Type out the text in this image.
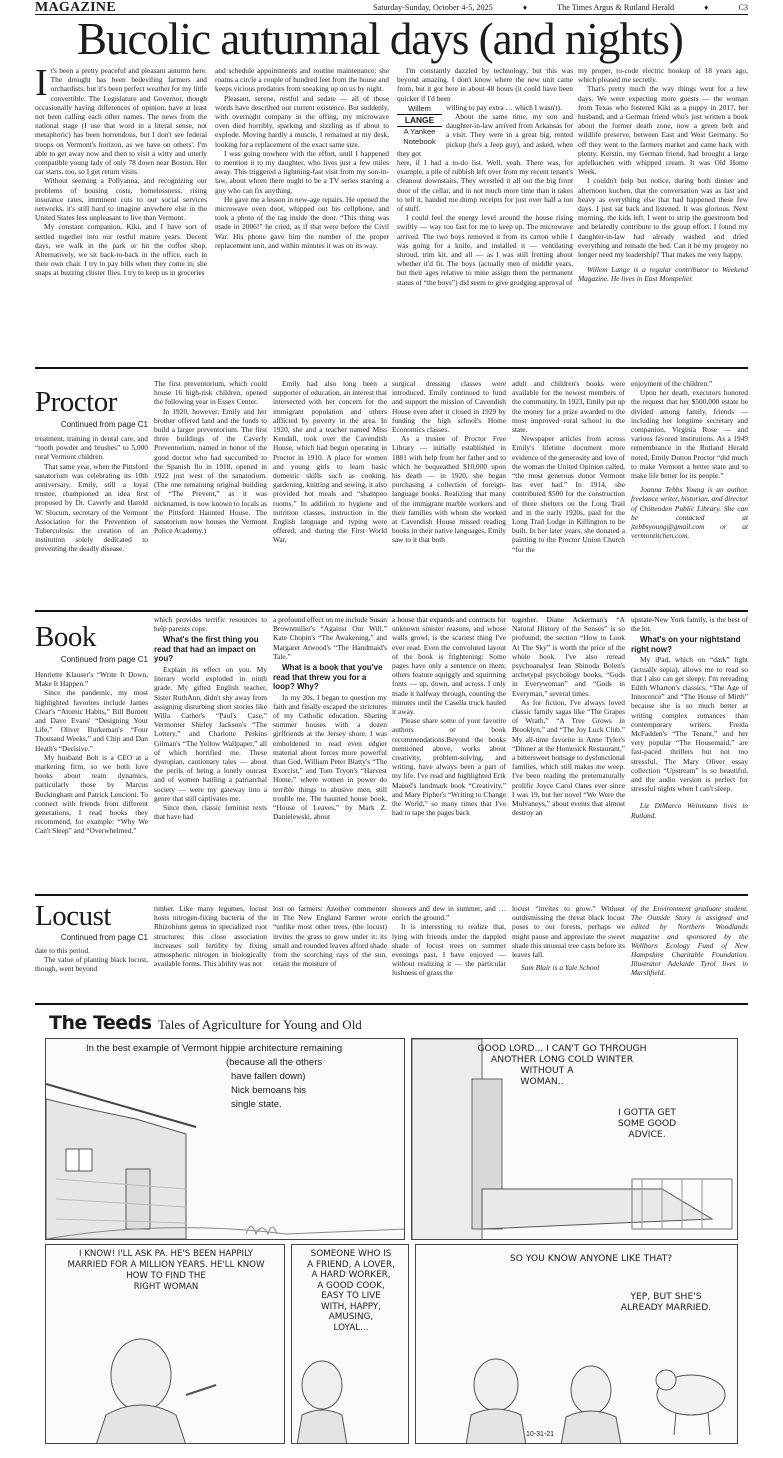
MAGAZINE	Saturday-Sunday, October 4-5, 2025	♦	The Times Argus & Rutland Herald	♦	C3
Bucolic autumnal days (and nights)
I t's been a pretty peaceful and pleasant autumn here. The drought has been bedeviling farmers and orchardists, but it's been perfect weather for my little convertible. The Legislature and Governor, though occasionally having differences of opinion, have at least not been calling each other names. The news from the national stage (I use that word in a literal sense, not metaphoric) has been horrendous, but I don't see federal troops on Vermont's horizon, as we have on others'. I'm able to get away now and then to visit a witty and utterly compatible young lady of only 78 down near Boston. Her car starts, too, so I get return visits.

Without seeming a Pollyanna, and recognizing our problems of housing costs, homelessness, rising insurance rates, imminent cuts to our social services networks, it's still hard to imagine anywhere else in the United States less unpleasant to live than Vermont.

My constant companion, Kiki, and I have sort of settled together into our restful mature years. Decent days, we walk in the park or hit the coffee shop. Alternatively, we sit back-to-back in the office, each in their own chair. I try to pay bills when they come in; she snaps at buzzing cluster flies. I try to keep us in groceries

and schedule appointments and routine maintenance; she roams a circle a couple of hundred feet from the house and keeps vicious predators from sneaking up on us by night.

Pleasant, serene, restful and sedate — all of those words have described our current existence. But suddenly, with overnight company in the offing, my microwave oven died horribly, sparking and sizzling as if about to explode. Moving hardly a muscle, I remained at my desk, looking for a replacement of the exact same size.

I was going nowhere with the effort, until I happened to mention it to my daughter, who lives just a few miles away. This triggered a lightning-fast visit from my son-in-law, about whom there ought to be a TV series starring a guy who can fix anything.

He gave me a lesson in new-age repairs. He opened the microwave oven door, whipped out his cellphone, and took a photo of the tag inside the door. “This thing was made in 2006!” he cried, as if that were before the Civil War. His phone gave him the number of the proper replacement unit, and within minutes it was on its way.

I'm constantly dazzled by technology, but this was beyond amazing. I don't know where the new unit came from, but it got here in about 48 hours (it could have been quicker if I'd been

Willem
LANGE
A Yankee
Notebook

willing to pay extra … which I wasn't).

About the same time, my son and daughter-in-law arrived from Arkansas for a visit. They were in a great big, rented pickup (he's a Jeep guy), and asked, when they got

here, if I had a to-do list. Well, yeah. There was, for example, a pile of rubbish left over from my recent tenant's cleanout downstairs. They wrestled it all out the big front door of the cellar, and in not much more time than it takes to tell it, handed me dump receipts for just over half a ton of stuff.

I could feel the energy level around the house rising swiftly — way too fast for me to keep up. The microwave arrived. The two boys removed it from its carton while I was going for a knife, and installed it — ventilating shroud, trim kit, and all — as I was still fretting about whether it'd fit. The boys (actually men of middle years, but their ages relative to mine assign them the permanent status of “the boys”) did seem to give grudging approval of

my proper, to-code electric hookup of 18 years ago, which pleased me secretly.

That's pretty much the way things went for a few days. We were expecting more guests — the woman from Texas who fostered Kiki as a puppy in 2017, her husband, and a German friend who's just written a book about the former death zone, now a green belt and wildlife preserve, between East and West Germany. So off they went to the farmers market and came back with plenty. Kerstin, my German friend, had brought a large apfelkuchen with whipped cream. It was Old Home Week.

I couldn't help but notice, during both dinner and afternoon kuchen, that the conversation was as fast and heavy as everything else that had happened these few days. I just sat back and listened. It was glorious. Next morning, the kids left. I went to strip the guestroom bed and belatedly contribute to the group effort. I found my daughter-in-law had already washed and dried everything and remade the bed. Can it be my progeny no longer need my leadership? That makes me very happy.

Willem Lange is a regular contributor to Weekend Magazine. He lives in East Montpelier.

Proctor
Continued from page C1

treatment, training in dental care, and “tooth powder and brushes” to 5,000 rural Vermont children.

That same year, when the Pittsford sanatorium was celebrating its 10th anniversary, Emily, still a loyal trustee, championed an idea first proposed by Dr. Caverly and Harold W. Slocum, secretary of the Vermont Association for the Prevention of Tuberculosis: the creation of an institution solely dedicated to preventing the deadly disease.

The first preventorium, which could house 16 high-risk children, opened the following year in Essex Center.

In 1920, however, Emily and her brother offered land and the funds to build a larger preventorium. The first three buildings of the Caverly Preventorium, named in honor of the good doctor who had succumbed to the Spanish flu in 1918, opened in 1922 just west of the sanatorium. (The one remaining original building of “The Prevent,” as it was nicknamed, is now known to locals as the Pittsford Haunted House. The sanatorium now houses the Vermont Police Academy.)

Emily had also long been a supporter of education, an interest that intersected with her concern for the immigrant population and others afflicted by poverty in the area. In 1920, she and a teacher named Miss Kendall, took over the Cavendish House, which had begun operating in Proctor in 1910. A place for women and young girls to learn basic domestic skills such as cooking, gardening, knitting and sewing, it also provided hot meals and “shampoo rooms.” In addition to hygiene and nutrition classes, instruction in the English language and typing were offered, and during the First World War,

surgical dressing classes were introduced. Emily continued to fund and support the mission of Cavendish House even after it closed in 1929 by funding the high school's Home Economics classes.

As a trustee of Proctor Free Library — initially established in 1881 with help from her father and to which he bequeathed $10,000 upon his death — in 1920, she began purchasing a collection of foreign-language books. Realizing that many of the immigrant marble workers and their families with whom she worked at Cavendish House missed reading books in their native languages, Emily saw to it that both

adult and children's books were available for the newest members of the community. In 1923, Emily put up the money for a prize awarded to the most improved rural school in the state.

Newspaper articles from across Emily's lifetime document more evidence of the generosity and love of the woman the United Opinion called, “the most generous donor Vermont has ever had.” In 1914, she contributed $500 for the construction of three shelters on the Long Trail and in the early 1920s, paid for the Long Trail Lodge in Killington to be built. In her later years, she donated a painting to the Proctor Union Church “for the

enjoyment of the children.”

Upon her death, executors honored the request that her $500,000 estate be divided among family, friends — including her longtime secretary and companion, Virginia Rose — and various favored institutions. As a 1949 remembrance in the Rutland Herald noted, Emily Dutton Proctor “did much to make Vermont a better state and to make life better for its people.”

Joanna Tebbs Young is an author, freelance writer, historian, and director of Chittenden Public Library. She can be contacted at jtebbsyoung@gmail.com or at vermontitchen.com.

Book
Continued from page C1

Henriette Klauser's “Write It Down, Make It Happen.”

Since the pandemic, my most highlighted favorites include James Clear's “Atomic Habits,” Bill Burnett and Dave Evans' “Designing Your Life,” Oliver Burkeman's “Four Thousand Weeks,” and Chip and Dan Heath's “Decisive.”

My husband Bob is a CEO at a marketing firm, so we both love books about team dynamics, particularly those by Marcus Buckingham and Patrick Lencioni. To connect with friends from different generations, I read books they recommend, for example: “Why We Can't Sleep” and “Overwhelmed,”

which provides terrific resources to help parents cope.

What's the first thing you read that had an impact on you?

Explain its effect on you. My literary world exploded in ninth grade. My gifted English teacher, Sister RuthAnn, didn't shy away from assigning disturbing short stories like Willa Cather's “Paul's Case,” Vermonter Shirley Jackson's “The Lottery,” and Charlotte Perkins Gilman's “The Yellow Wallpaper,” all of which horrified me. These dystopian, cautionary tales — about the perils of being a lonely outcast and of women battling a patriarchal society — were my gateway into a genre that still captivates me.

Since then, classic feminist texts that have had

a profound effect on me include Susan Brownmiller's “Against Our Will,” Kate Chopin's “The Awakening,” and Margaret Atwood's “The Handmaid's Tale.”

What is a book that you've read that threw you for a loop? Why?

In my 20s, I began to question my faith and finally escaped the strictures of my Catholic education. Sharing summer houses with a dozen girlfriends at the Jersey shore, I was emboldened to read even edgier material about forces more powerful than God. William Peter Blatty's “The Exorcist,” and Tom Tryon's “Harvest Home,” where women in power do terrible things to abusive men, still trouble me. The haunted house book, “House of Leaves,” by Mark Z. Danielewski, about

a house that expands and contracts for unknown sinister reasons, and whose walls growl, is the scariest thing I've ever read. Even the convoluted layout of the book is frightening: Some pages have only a sentence on them; others feature squiggly and squirming fonts — up, down, and across. I only made it halfway through, counting the minutes until the Casella truck hauled it away.

Please share some of your favorite authors or book recommendations.Beyond the books mentioned above, works about creativity, problem-solving, and writing, have always been a part of my life. I've read and highlighted Erik Maisel's landmark book “Creativity,” and Mary Pipher's “Writing to Change the World,” so many times that I've had to tape the pages back

together. Diane Ackerman's “A Natural History of the Senses” is so profound; the section “How to Look At The Sky” is worth the price of the whole book. I've also reread psychoanalyst Jean Shinoda Bolen's archetypal psychology books, “Gods in Everywoman” and “Gods in Everyman,” several times.

As for fiction, I've always loved classic family sagas like “The Grapes of Wrath,” “A Tree Grows in Brooklyn,” and “The Joy Luck Club.” My all-time favorite is Anne Tyler's “Dinner at the Homesick Restaurant,” a bittersweet homage to dysfunctional families, which still makes me weep. I've been reading the preternaturally prolific Joyce Carol Oates ever since I was 19, but her novel “We Were the Mulvaneys,” about events that almost destroy an

upstate-New York family, is the best of the lot.

What's on your nightstand right now?

My iPad, which on “dark” light (actually sepia), allows me to read so that I also can get sleepy. I'm rereading Edith Wharton's classics, “The Age of Innocence” and “The House of Mirth” because she is so much better at writing complex romances than contemporary writers. Freida McFadden's “The Tenant,” and her very popular “The Housemaid,” are fast-paced thrillers but not too stressful. The Mary Oliver essay collection “Upstream” is so beautiful, and the audio version is perfect for stressful nights when I can't sleep.

Liz DiMarco Weinmann lives in Rutland.

Locust
Continued from page C1

date to this period.

The value of planting black locust, though, went beyond

timber. Like many legumes, locust hosts nitrogen-fixing bacteria of the Rhizobium genus in specialized root structures; this close association increases soil fertility by fixing atmospheric nitrogen in biologically available forms. This ability was not

lost on farmers: Another commenter in The New England Farmer wrote “unlike most other trees, (the locust) invites the grass to grow under it: its small and rounded leaves afford shade from the scorching rays of the sun, retain the moisture of

showers and dew in summer, and … enrich the ground.”

It is interesting to realize that, lying with friends under the dappled shade of locust trees on summer evenings past, I have enjoyed — without realizing it — the particular lushness of grass the

locust “invites to grow.” Without outdismissing the threat black locust poses to our forests, perhaps we might pause and appreciate the sweet shade this unusual tree casts before its leaves fall.

Sam Blair is a Yale School

of the Environment graduate student. The Outside Story is assigned and edited by Northern Woodlands magazine and sponsored by the Wellborn Ecology Fund of New Hampshire Charitable Foundation. Illustrator Adelaide Tyrol lives in Marshfield.

The Teeds Tales of Agriculture for Young and Old
In the best example of Vermont hippie architecture remaining
(because all the others
have fallen down)
Nick bemoans his
single state.
GOOD LORD... I CAN'T GO THROUGH
ANOTHER LONG COLD WINTER
WITHOUT A
WOMAN..
I GOTTA GET
SOME GOOD
ADVICE.
I KNOW! I'LL ASK PA. HE'S BEEN HAPPILY
MARRIED FOR A MILLION YEARS. HE'LL KNOW
HOW TO FIND THE
RIGHT WOMAN
SOMEONE WHO IS
A FRIEND, A LOVER,
A HARD WORKER,
A GOOD COOK,
EASY TO LIVE
WITH, HAPPY,
AMUSING,
LOYAL...
SO YOU KNOW ANYONE LIKE THAT?
YEP, BUT SHE'S
ALREADY MARRIED.
10-31-21
